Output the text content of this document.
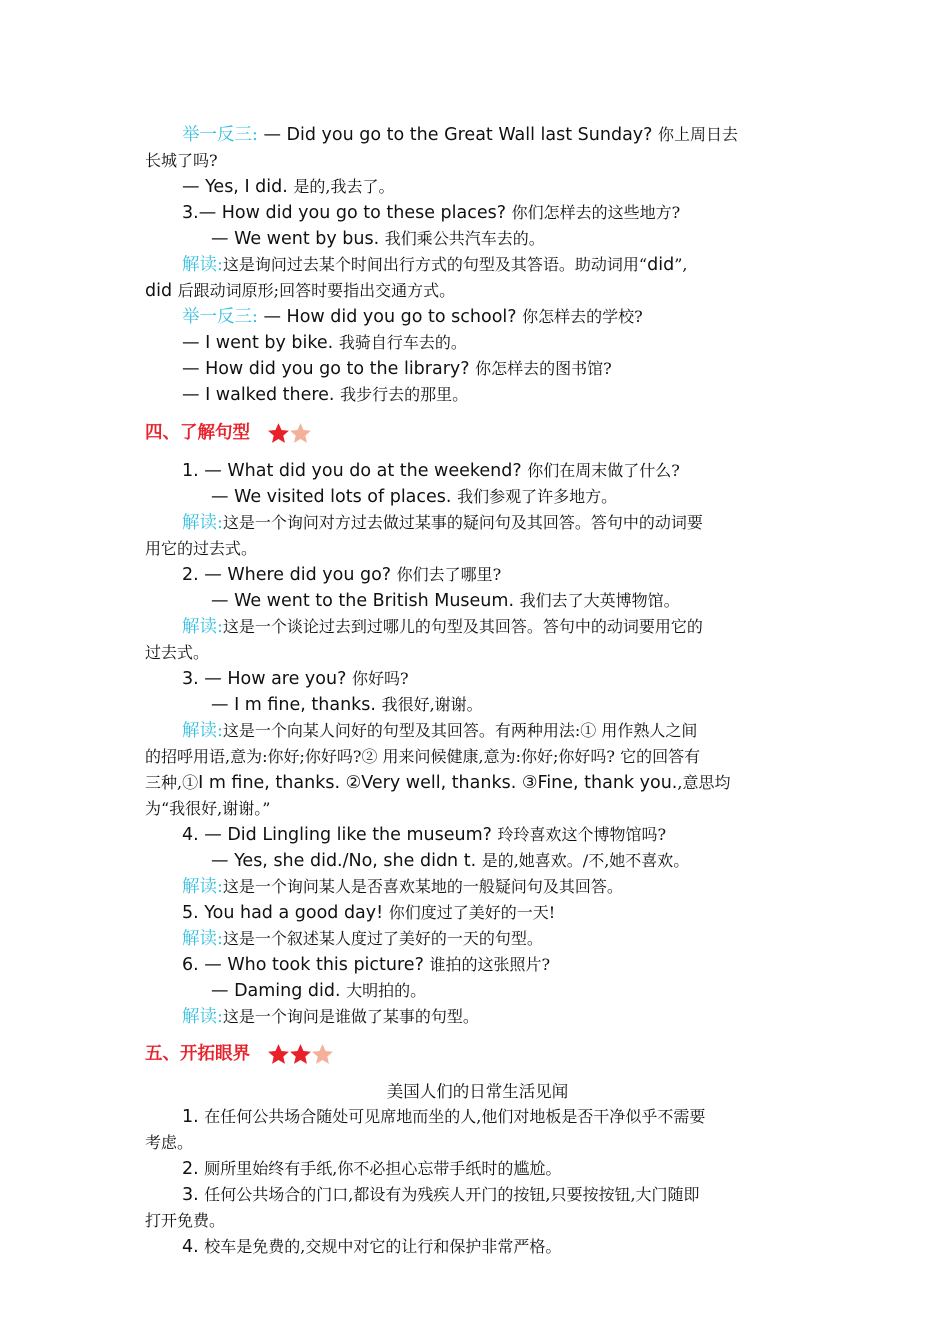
举一反三: — Did you go to the Great Wall last Sunday? 你上周日去
长城了吗?
— Yes, I did. 是的,我去了。
3.— How did you go to these places? 你们怎样去的这些地方?
— We went by bus. 我们乘公共汽车去的。
解读:这是询问过去某个时间出行方式的句型及其答语。助动词用“did”,
did 后跟动词原形;回答时要指出交通方式。
举一反三: — How did you go to school? 你怎样去的学校?
— I went by bike. 我骑自行车去的。
— How did you go to the library? 你怎样去的图书馆?
— I walked there. 我步行去的那里。
四、了解句型
1. — What did you do at the weekend? 你们在周末做了什么?
— We visited lots of places. 我们参观了许多地方。
解读:这是一个询问对方过去做过某事的疑问句及其回答。答句中的动词要
用它的过去式。
2. — Where did you go? 你们去了哪里?
— We went to the British Museum. 我们去了大英博物馆。
解读:这是一个谈论过去到过哪儿的句型及其回答。答句中的动词要用它的
过去式。
3. — How are you? 你好吗?
— I m fine, thanks. 我很好,谢谢。
解读:这是一个向某人问好的句型及其回答。有两种用法:① 用作熟人之间
的招呼用语,意为:你好;你好吗?② 用来问候健康,意为:你好;你好吗? 它的回答有
三种,①I m fine, thanks. ②Very well, thanks. ③Fine, thank you.,意思均
为“我很好,谢谢。”
4. — Did Lingling like the museum? 玲玲喜欢这个博物馆吗?
— Yes, she did./No, she didn t. 是的,她喜欢。/不,她不喜欢。
解读:这是一个询问某人是否喜欢某地的一般疑问句及其回答。
5. You had a good day! 你们度过了美好的一天!
解读:这是一个叙述某人度过了美好的一天的句型。
6. — Who took this picture? 谁拍的这张照片?
— Daming did. 大明拍的。
解读:这是一个询问是谁做了某事的句型。
五、开拓眼界
美国人们的日常生活见闻
1. 在任何公共场合随处可见席地而坐的人,他们对地板是否干净似乎不需要
考虑。
2. 厕所里始终有手纸,你不必担心忘带手纸时的尴尬。
3. 任何公共场合的门口,都设有为残疾人开门的按钮,只要按按钮,大门随即
打开免费。
4. 校车是免费的,交规中对它的让行和保护非常严格。
